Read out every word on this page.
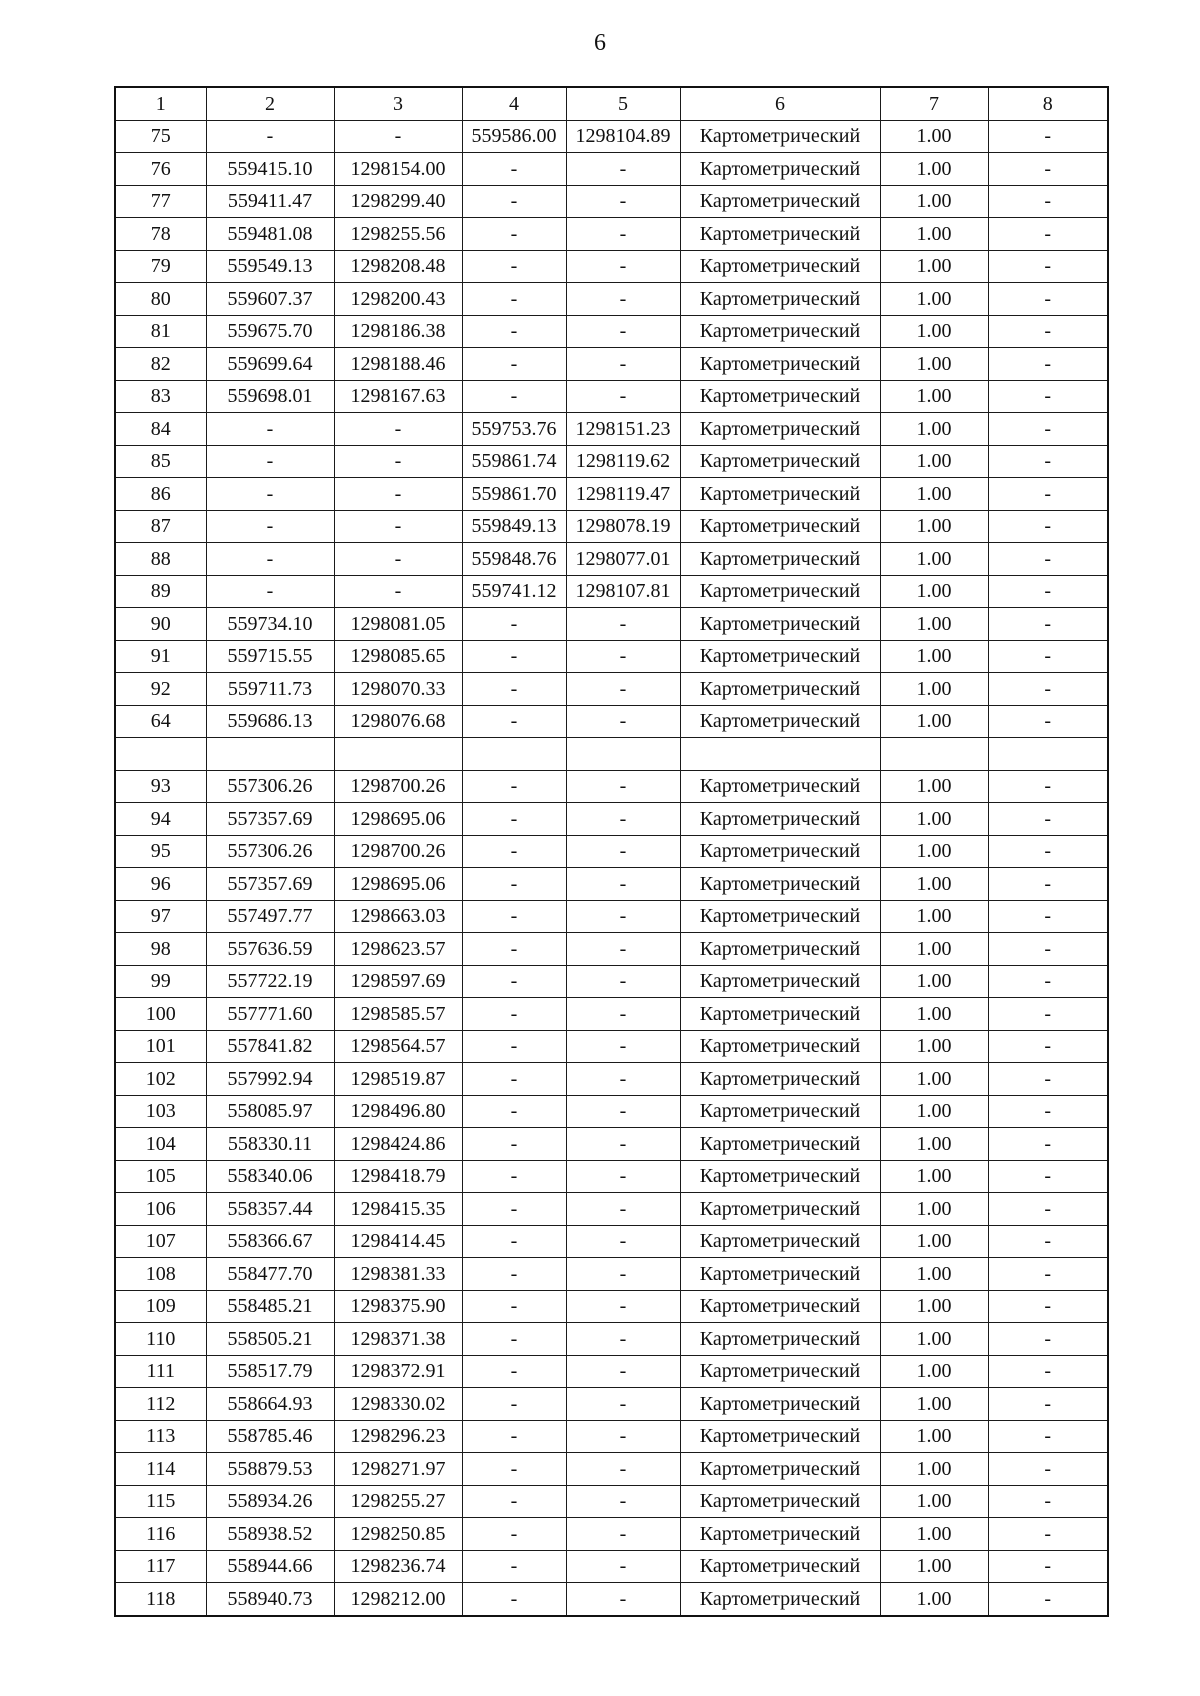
6
1	2	3	4	5	6	7	8
75	-	-	559586.00	1298104.89	Картометрический	1.00	-
76	559415.10	1298154.00	-	-	Картометрический	1.00	-
77	559411.47	1298299.40	-	-	Картометрический	1.00	-
78	559481.08	1298255.56	-	-	Картометрический	1.00	-
79	559549.13	1298208.48	-	-	Картометрический	1.00	-
80	559607.37	1298200.43	-	-	Картометрический	1.00	-
81	559675.70	1298186.38	-	-	Картометрический	1.00	-
82	559699.64	1298188.46	-	-	Картометрический	1.00	-
83	559698.01	1298167.63	-	-	Картометрический	1.00	-
84	-	-	559753.76	1298151.23	Картометрический	1.00	-
85	-	-	559861.74	1298119.62	Картометрический	1.00	-
86	-	-	559861.70	1298119.47	Картометрический	1.00	-
87	-	-	559849.13	1298078.19	Картометрический	1.00	-
88	-	-	559848.76	1298077.01	Картометрический	1.00	-
89	-	-	559741.12	1298107.81	Картометрический	1.00	-
90	559734.10	1298081.05	-	-	Картометрический	1.00	-
91	559715.55	1298085.65	-	-	Картометрический	1.00	-
92	559711.73	1298070.33	-	-	Картометрический	1.00	-
64	559686.13	1298076.68	-	-	Картометрический	1.00	-

93	557306.26	1298700.26	-	-	Картометрический	1.00	-
94	557357.69	1298695.06	-	-	Картометрический	1.00	-
95	557306.26	1298700.26	-	-	Картометрический	1.00	-
96	557357.69	1298695.06	-	-	Картометрический	1.00	-
97	557497.77	1298663.03	-	-	Картометрический	1.00	-
98	557636.59	1298623.57	-	-	Картометрический	1.00	-
99	557722.19	1298597.69	-	-	Картометрический	1.00	-
100	557771.60	1298585.57	-	-	Картометрический	1.00	-
101	557841.82	1298564.57	-	-	Картометрический	1.00	-
102	557992.94	1298519.87	-	-	Картометрический	1.00	-
103	558085.97	1298496.80	-	-	Картометрический	1.00	-
104	558330.11	1298424.86	-	-	Картометрический	1.00	-
105	558340.06	1298418.79	-	-	Картометрический	1.00	-
106	558357.44	1298415.35	-	-	Картометрический	1.00	-
107	558366.67	1298414.45	-	-	Картометрический	1.00	-
108	558477.70	1298381.33	-	-	Картометрический	1.00	-
109	558485.21	1298375.90	-	-	Картометрический	1.00	-
110	558505.21	1298371.38	-	-	Картометрический	1.00	-
111	558517.79	1298372.91	-	-	Картометрический	1.00	-
112	558664.93	1298330.02	-	-	Картометрический	1.00	-
113	558785.46	1298296.23	-	-	Картометрический	1.00	-
114	558879.53	1298271.97	-	-	Картометрический	1.00	-
115	558934.26	1298255.27	-	-	Картометрический	1.00	-
116	558938.52	1298250.85	-	-	Картометрический	1.00	-
117	558944.66	1298236.74	-	-	Картометрический	1.00	-
118	558940.73	1298212.00	-	-	Картометрический	1.00	-
